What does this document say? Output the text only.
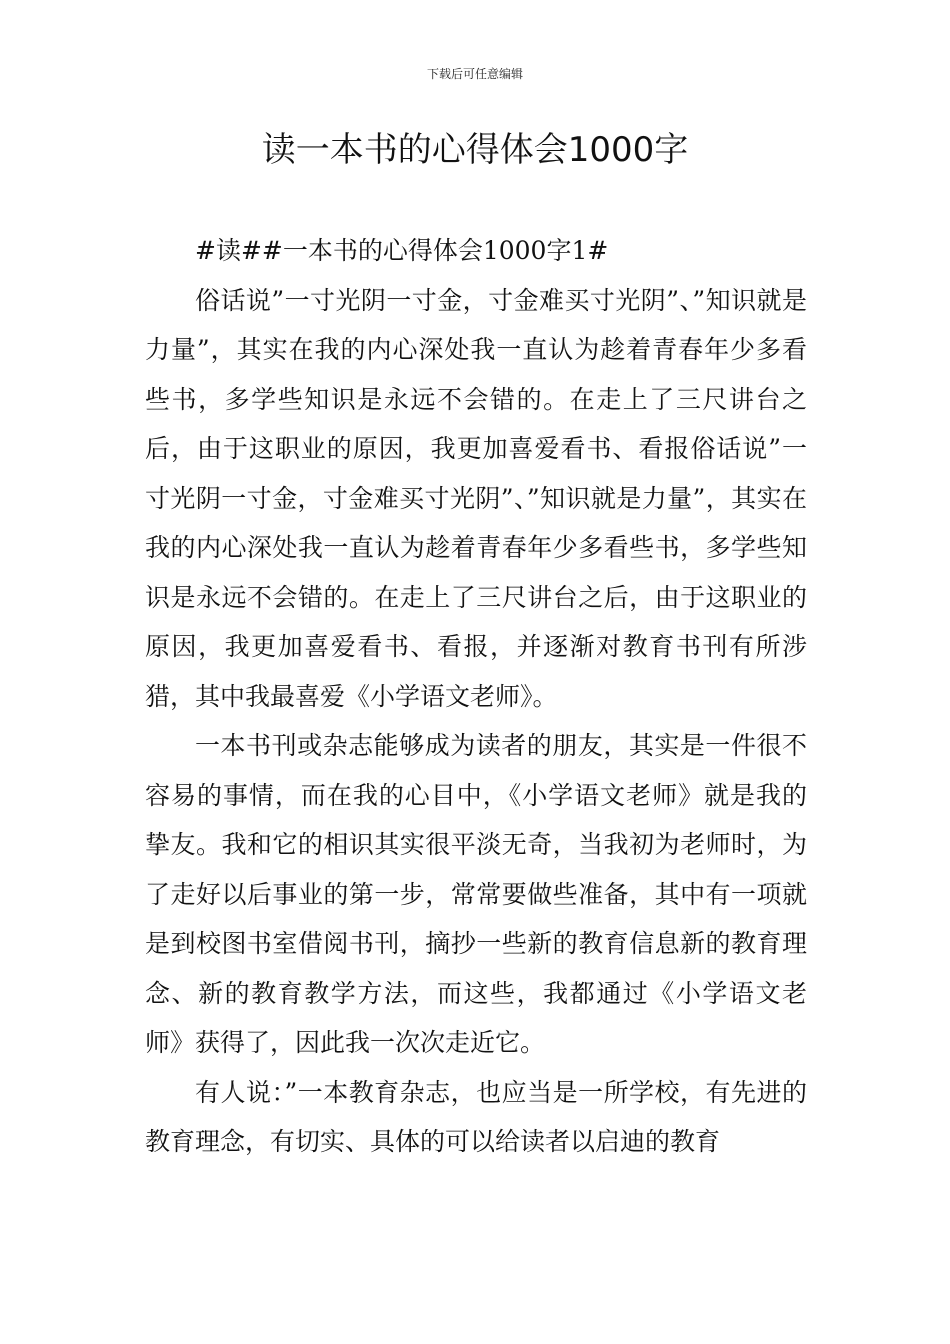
下载后可任意编辑
读一本书的心得体会1000字

#读##一本书的心得体会1000字1#

俗话说”一寸光阴一寸金，寸金难买寸光阴”、”知识就是力量”，其实在我的内心深处我一直认为趁着青春年少多看些书，多学些知识是永远不会错的。在走上了三尺讲台之后，由于这职业的原因，我更加喜爱看书、看报俗话说”一寸光阴一寸金，寸金难买寸光阴”、”知识就是力量”，其实在我的内心深处我一直认为趁着青春年少多看些书，多学些知识是永远不会错的。在走上了三尺讲台之后，由于这职业的原因，我更加喜爱看书、看报，并逐渐对教育书刊有所涉猎，其中我最喜爱《小学语文老师》。

一本书刊或杂志能够成为读者的朋友，其实是一件很不容易的事情，而在我的心目中，《小学语文老师》就是我的挚友。我和它的相识其实很平淡无奇，当我初为老师时，为了走好以后事业的第一步，常常要做些准备，其中有一项就是到校图书室借阅书刊，摘抄一些新的教育信息新的教育理念、新的教育教学方法，而这些，我都通过《小学语文老师》获得了，因此我一次次走近它。

有人说：”一本教育杂志，也应当是一所学校，有先进的教育理念，有切实、具体的可以给读者以启迪的教育
